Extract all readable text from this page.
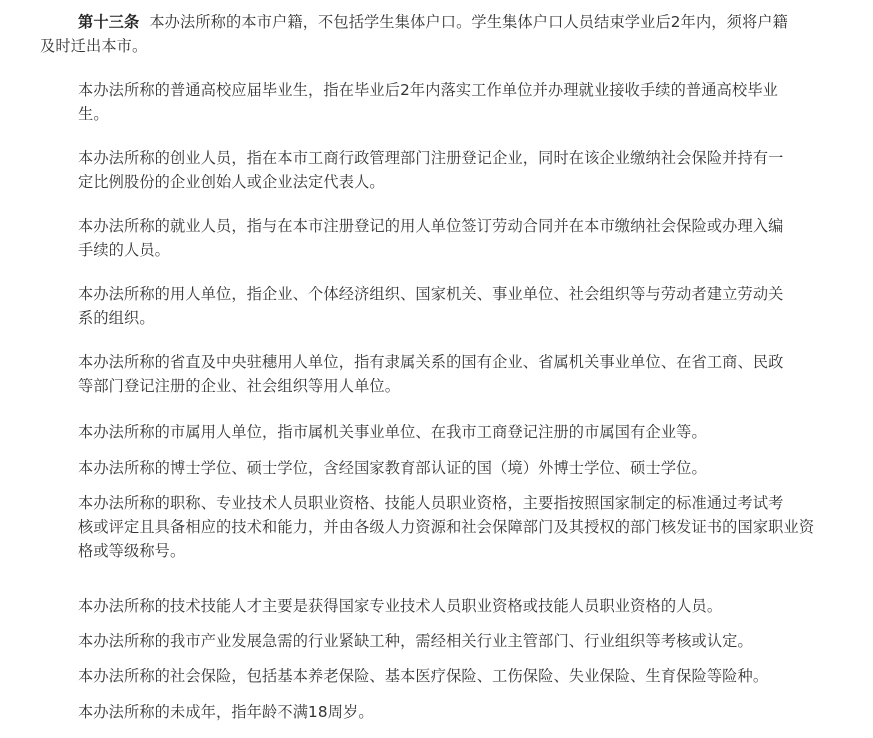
第十三条 本办法所称的本市户籍，不包括学生集体户口。学生集体户口人员结束学业后2年内，须将户籍
及时迁出本市。

本办法所称的普通高校应届毕业生，指在毕业后2年内落实工作单位并办理就业接收手续的普通高校毕业
生。

本办法所称的创业人员，指在本市工商行政管理部门注册登记企业，同时在该企业缴纳社会保险并持有一
定比例股份的企业创始人或企业法定代表人。

本办法所称的就业人员，指与在本市注册登记的用人单位签订劳动合同并在本市缴纳社会保险或办理入编
手续的人员。

本办法所称的用人单位，指企业、个体经济组织、国家机关、事业单位、社会组织等与劳动者建立劳动关
系的组织。

本办法所称的省直及中央驻穗用人单位，指有隶属关系的国有企业、省属机关事业单位、在省工商、民政
等部门登记注册的企业、社会组织等用人单位。

本办法所称的市属用人单位，指市属机关事业单位、在我市工商登记注册的市属国有企业等。

本办法所称的博士学位、硕士学位，含经国家教育部认证的国（境）外博士学位、硕士学位。

本办法所称的职称、专业技术人员职业资格、技能人员职业资格，主要指按照国家制定的标准通过考试考
核或评定且具备相应的技术和能力，并由各级人力资源和社会保障部门及其授权的部门核发证书的国家职业资
格或等级称号。

本办法所称的技术技能人才主要是获得国家专业技术人员职业资格或技能人员职业资格的人员。

本办法所称的我市产业发展急需的行业紧缺工种，需经相关行业主管部门、行业组织等考核或认定。

本办法所称的社会保险，包括基本养老保险、基本医疗保险、工伤保险、失业保险、生育保险等险种。

本办法所称的未成年，指年龄不满18周岁。
